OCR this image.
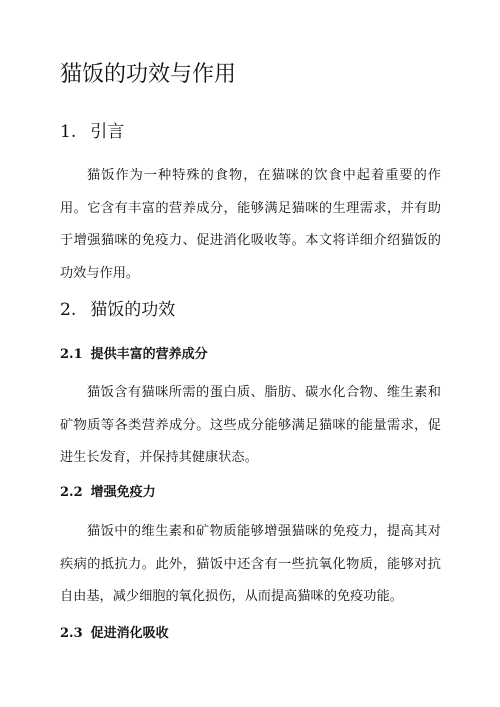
猫饭的功效与作用
1. 引言

猫饭作为一种特殊的食物，在猫咪的饮食中起着重要的作用。它含有丰富的营养成分，能够满足猫咪的生理需求，并有助于增强猫咪的免疫力、促进消化吸收等。本文将详细介绍猫饭的功效与作用。

2. 猫饭的功效
2.1 提供丰富的营养成分

猫饭含有猫咪所需的蛋白质、脂肪、碳水化合物、维生素和矿物质等各类营养成分。这些成分能够满足猫咪的能量需求，促进生长发育，并保持其健康状态。

2.2 增强免疫力

猫饭中的维生素和矿物质能够增强猫咪的免疫力，提高其对疾病的抵抗力。此外，猫饭中还含有一些抗氧化物质，能够对抗自由基，减少细胞的氧化损伤，从而提高猫咪的免疫功能。

2.3 促进消化吸收
